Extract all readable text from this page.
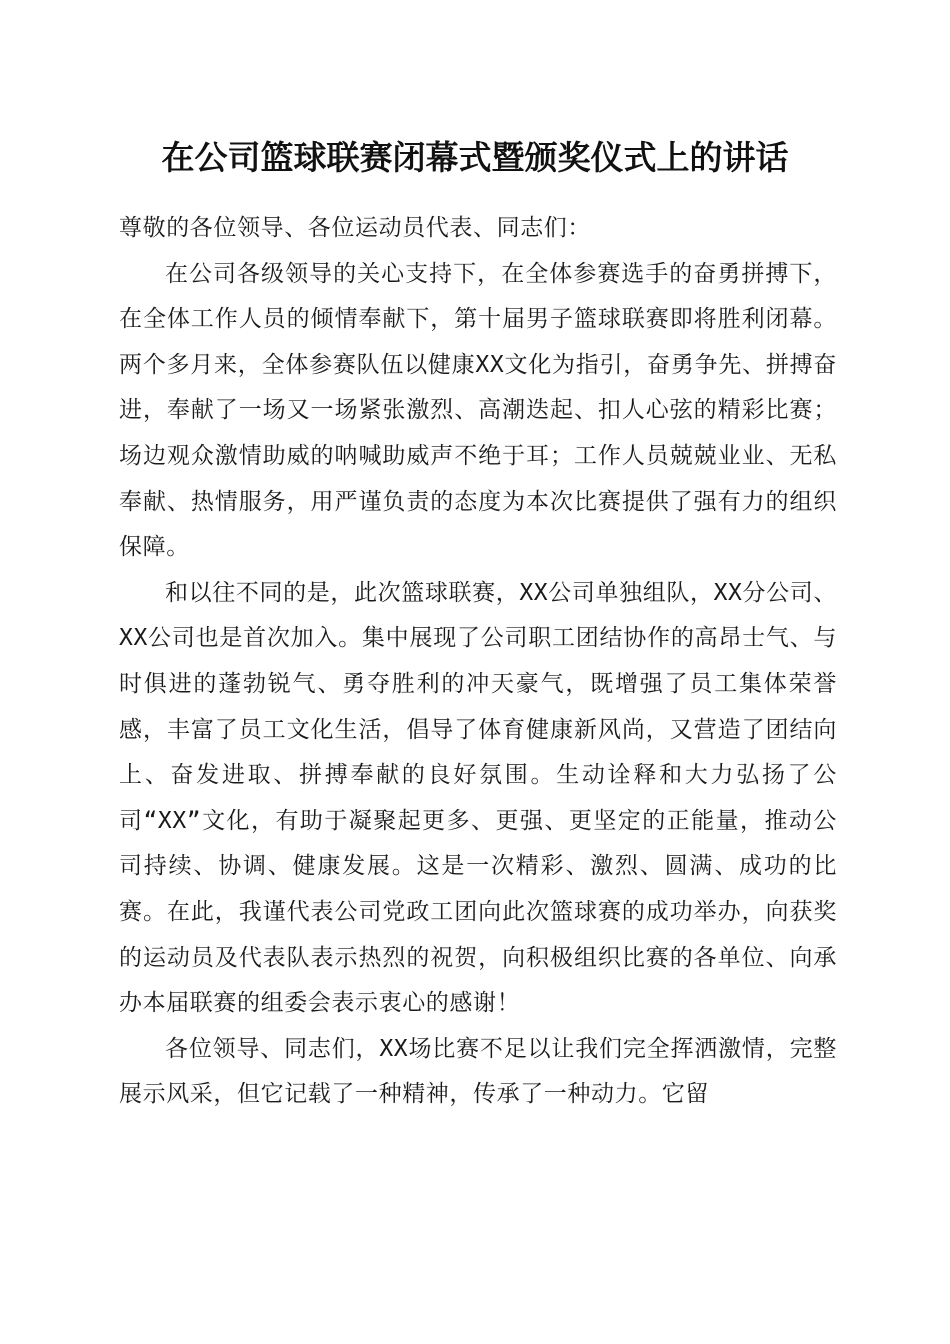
在公司篮球联赛闭幕式暨颁奖仪式上的讲话

尊敬的各位领导、各位运动员代表、同志们：

在公司各级领导的关心支持下，在全体参赛选手的奋勇拼搏下，在全体工作人员的倾情奉献下，第十届男子篮球联赛即将胜利闭幕。两个多月来，全体参赛队伍以健康XX文化为指引，奋勇争先、拼搏奋进，奉献了一场又一场紧张激烈、高潮迭起、扣人心弦的精彩比赛；场边观众激情助威的呐喊助威声不绝于耳；工作人员兢兢业业、无私奉献、热情服务，用严谨负责的态度为本次比赛提供了强有力的组织保障。

和以往不同的是，此次篮球联赛，XX公司单独组队，XX分公司、XX公司也是首次加入。集中展现了公司职工团结协作的高昂士气、与时俱进的蓬勃锐气、勇夺胜利的冲天豪气，既增强了员工集体荣誉感，丰富了员工文化生活，倡导了体育健康新风尚，又营造了团结向上、奋发进取、拼搏奉献的良好氛围。生动诠释和大力弘扬了公司“XX”文化，有助于凝聚起更多、更强、更坚定的正能量，推动公司持续、协调、健康发展。这是一次精彩、激烈、圆满、成功的比赛。在此，我谨代表公司党政工团向此次篮球赛的成功举办，向获奖的运动员及代表队表示热烈的祝贺，向积极组织比赛的各单位、向承办本届联赛的组委会表示衷心的感谢！

各位领导、同志们，XX场比赛不足以让我们完全挥洒激情，完整展示风采，但它记载了一种精神，传承了一种动力。它留
